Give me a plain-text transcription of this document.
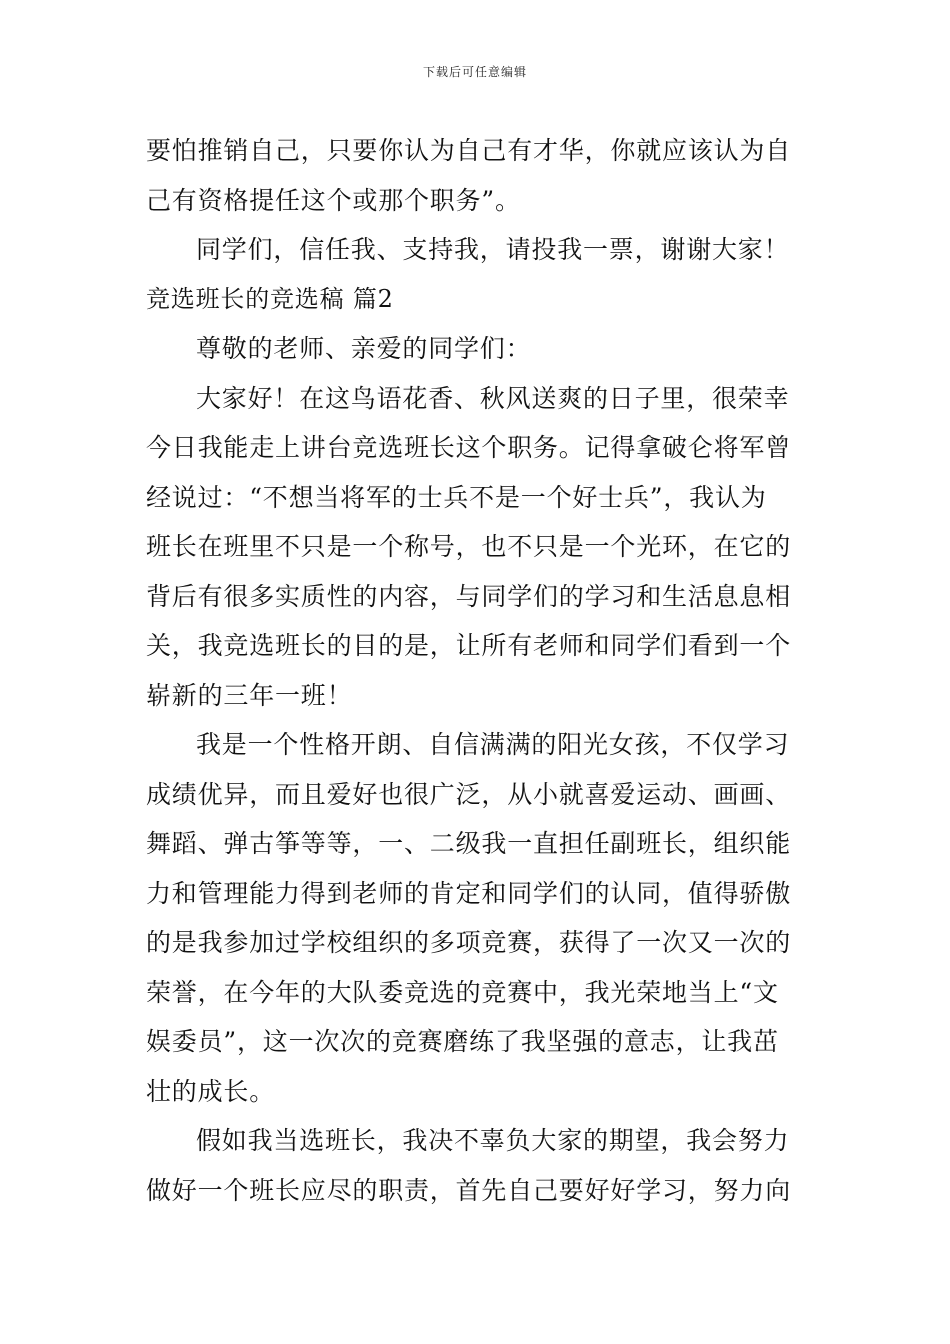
下载后可任意编辑
要怕推销自己，只要你认为自己有才华，你就应该认为自
己有资格提任这个或那个职务”。
同学们，信任我、支持我，请投我一票，谢谢大家！
竞选班长的竞选稿 篇2
尊敬的老师、亲爱的同学们：
大家好！在这鸟语花香、秋风送爽的日子里，很荣幸
今日我能走上讲台竞选班长这个职务。记得拿破仑将军曾
经说过：“不想当将军的士兵不是一个好士兵”，我认为
班长在班里不只是一个称号，也不只是一个光环，在它的
背后有很多实质性的内容，与同学们的学习和生活息息相
关，我竞选班长的目的是，让所有老师和同学们看到一个
崭新的三年一班！
我是一个性格开朗、自信满满的阳光女孩，不仅学习
成绩优异，而且爱好也很广泛，从小就喜爱运动、画画、
舞蹈、弹古筝等等，一、二级我一直担任副班长，组织能
力和管理能力得到老师的肯定和同学们的认同，值得骄傲
的是我参加过学校组织的多项竞赛，获得了一次又一次的
荣誉，在今年的大队委竞选的竞赛中，我光荣地当上“文
娱委员”，这一次次的竞赛磨练了我坚强的意志，让我茁
壮的成长。
假如我当选班长，我决不辜负大家的期望，我会努力
做好一个班长应尽的职责，首先自己要好好学习，努力向
